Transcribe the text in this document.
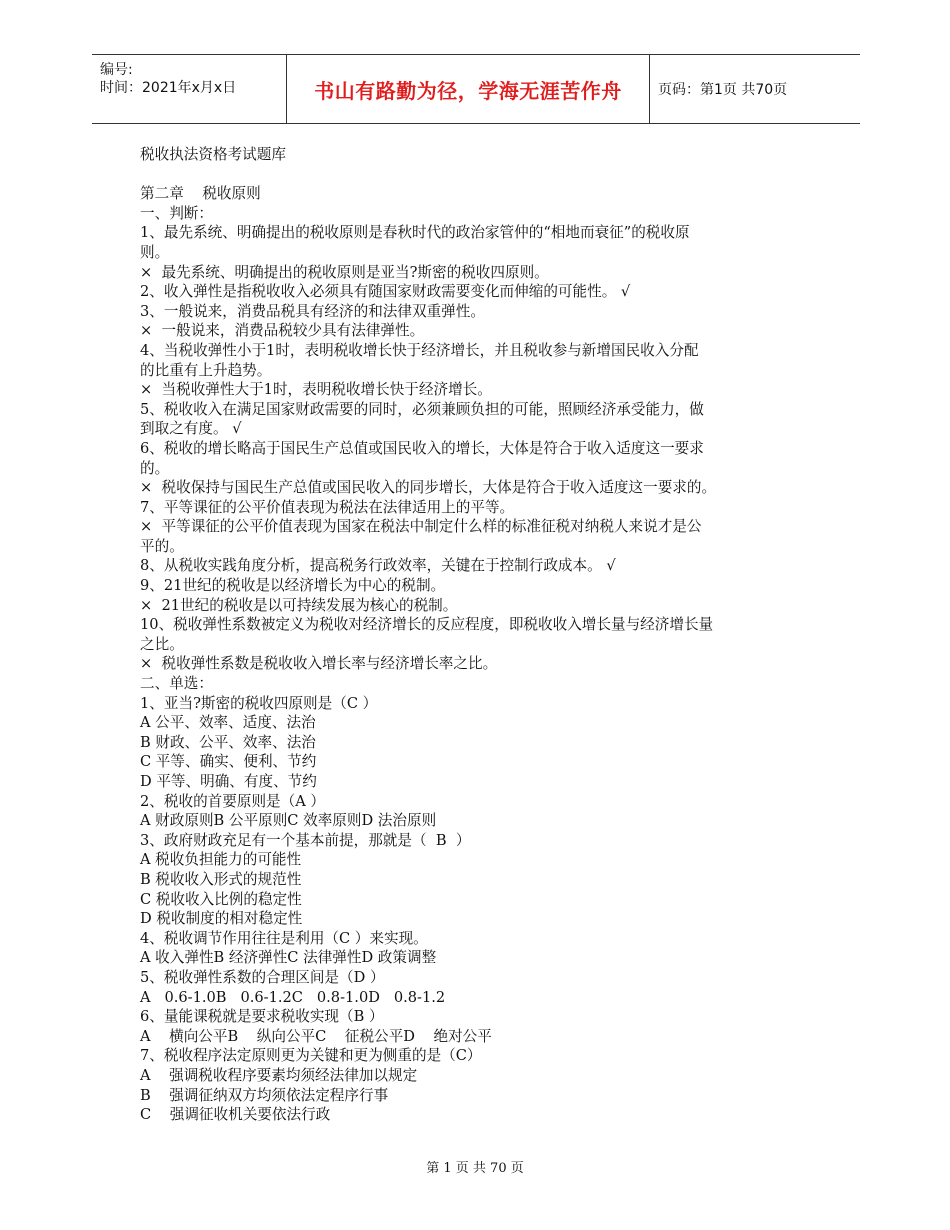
编号:
时间：2021年x月x日	书山有路勤为径，学海无涯苦作舟	页码：第1页 共70页

税收执法资格考试题库

第二章    税收原则

一、判断：

1、最先系统、明确提出的税收原则是春秋时代的政治家管仲的“相地而衰征”的税收原

则。

×  最先系统、明确提出的税收原则是亚当?斯密的税收四原则。

2、收入弹性是指税收收入必须具有随国家财政需要变化而伸缩的可能性。 √

3、一般说来，消费品税具有经济的和法律双重弹性。

×  一般说来，消费品税较少具有法律弹性。

4、当税收弹性小于1时，表明税收增长快于经济增长，并且税收参与新增国民收入分配

的比重有上升趋势。

×  当税收弹性大于1时，表明税收增长快于经济增长。

5、税收收入在满足国家财政需要的同时，必须兼顾负担的可能，照顾经济承受能力，做

到取之有度。 √

6、税收的增长略高于国民生产总值或国民收入的增长，大体是符合于收入适度这一要求

的。

×  税收保持与国民生产总值或国民收入的同步增长，大体是符合于收入适度这一要求的。

7、平等课征的公平价值表现为税法在法律适用上的平等。

×  平等课征的公平价值表现为国家在税法中制定什么样的标准征税对纳税人来说才是公

平的。

8、从税收实践角度分析，提高税务行政效率，关键在于控制行政成本。 √

9、21世纪的税收是以经济增长为中心的税制。

×  21世纪的税收是以可持续发展为核心的税制。

10、税收弹性系数被定义为税收对经济增长的反应程度，即税收收入增长量与经济增长量

之比。

×  税收弹性系数是税收收入增长率与经济增长率之比。

二、单选：

1、亚当?斯密的税收四原则是（C ）

A 公平、效率、适度、法治

B 财政、公平、效率、法治

C 平等、确实、便利、节约

D 平等、明确、有度、节约

2、税收的首要原则是（A ）

A 财政原则B 公平原则C 效率原则D 法治原则

3、政府财政充足有一个基本前提，那就是（  B  ）

A 税收负担能力的可能性

B 税收收入形式的规范性

C 税收收入比例的稳定性

D 税收制度的相对稳定性

4、税收调节作用往往是利用（C ）来实现。

A 收入弹性B 经济弹性C 法律弹性D 政策调整

5、税收弹性系数的合理区间是（D ）

A   0.6-1.0B   0.6-1.2C   0.8-1.0D   0.8-1.2

6、量能课税就是要求税收实现（B ）

A    横向公平B    纵向公平C    征税公平D    绝对公平

7、税收程序法定原则更为关键和更为侧重的是（C）

A    强调税收程序要素均须经法律加以规定

B    强调征纳双方均须依法定程序行事

C    强调征收机关要依法行政

第 1 页 共 70 页
